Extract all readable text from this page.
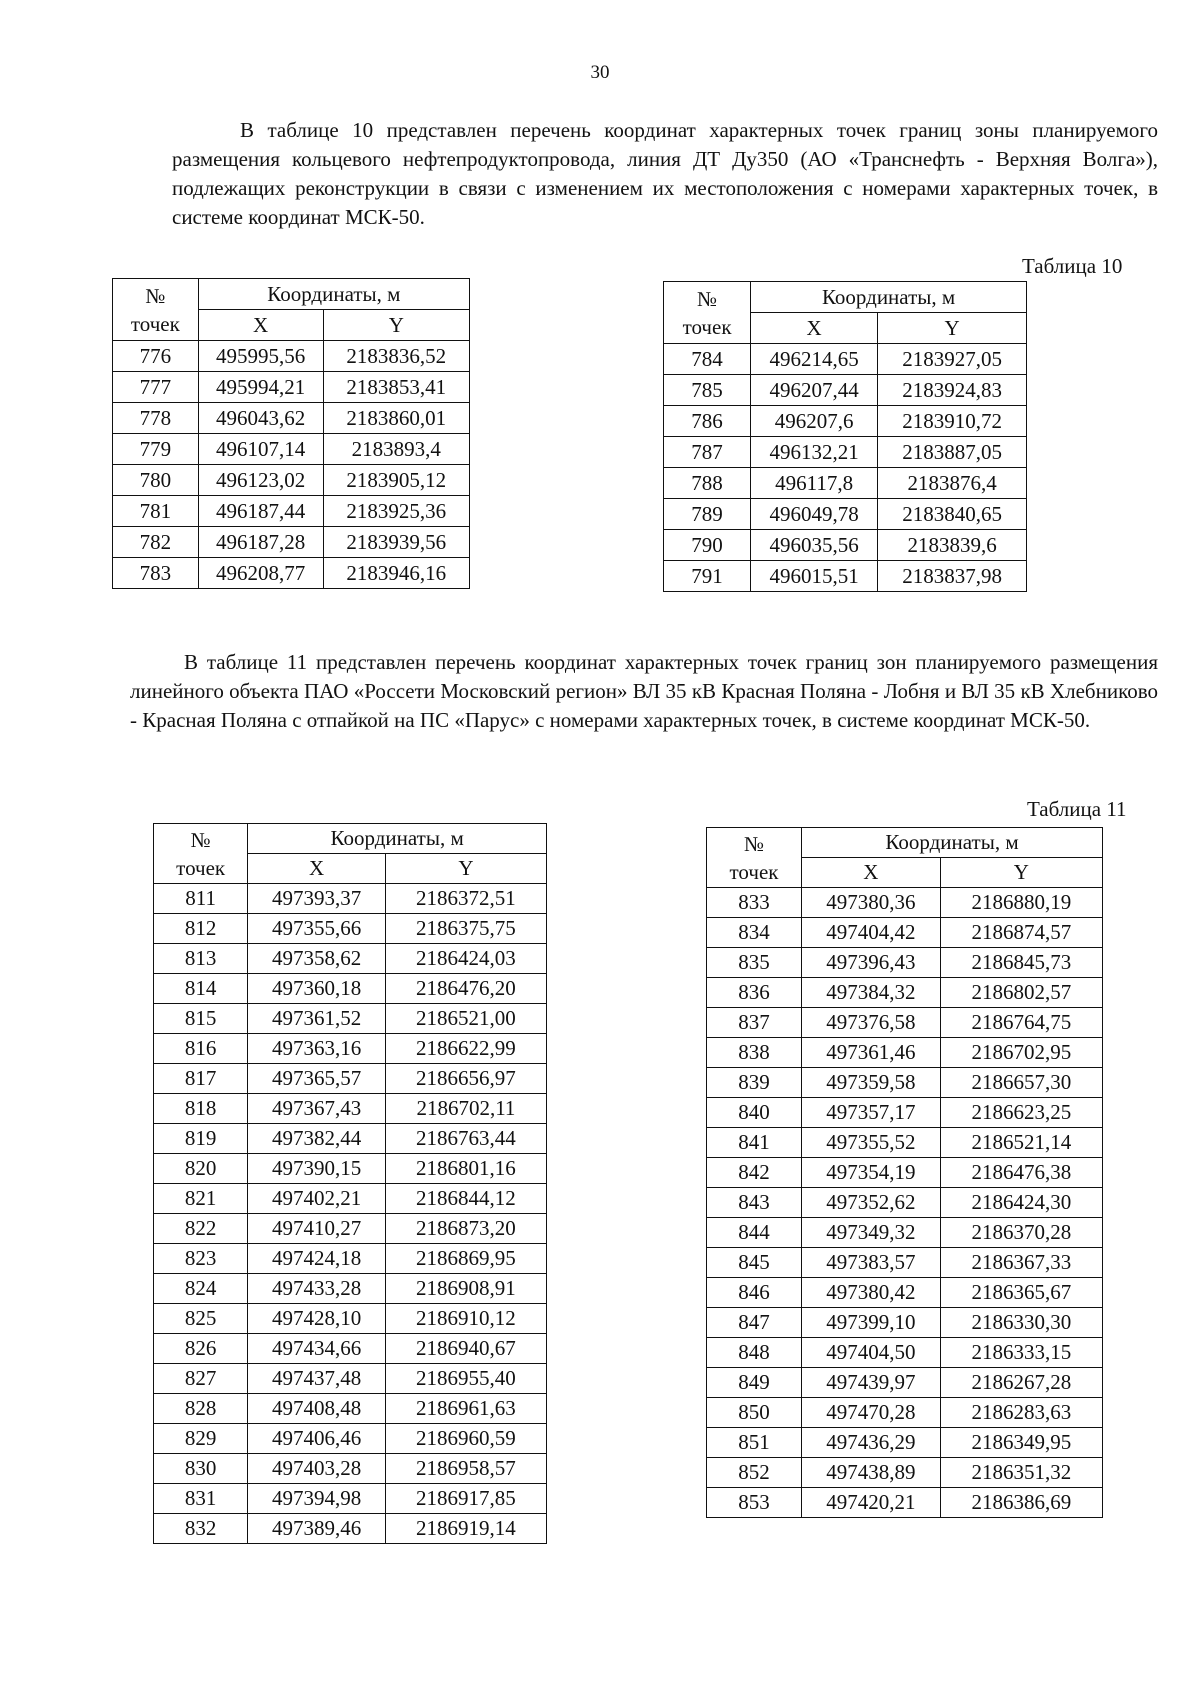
30

В таблице 10 представлен перечень координат характерных точек границ зоны планируемого размещения кольцевого нефтепродуктопровода, линия ДТ Ду350 (АО «Транснефть - Верхняя Волга»), подлежащих реконструкции в связи с изменением их местоположения с номерами характерных точек, в системе координат МСК-50.

Таблица 10
№
точек	Координаты, м	
	X	Y
776	495995,56	2183836,52
777	495994,21	2183853,41
778	496043,62	2183860,01
779	496107,14	2183893,4
780	496123,02	2183905,12
781	496187,44	2183925,36
782	496187,28	2183939,56
783	496208,77	2183946,16
№
точек	Координаты, м	
	X	Y
784	496214,65	2183927,05
785	496207,44	2183924,83
786	496207,6	2183910,72
787	496132,21	2183887,05
788	496117,8	2183876,4
789	496049,78	2183840,65
790	496035,56	2183839,6
791	496015,51	2183837,98

В таблице 11 представлен перечень координат характерных точек границ зон планируемого размещения линейного объекта ПАО «Россети Московский регион» ВЛ 35 кВ Красная Поляна - Лобня и ВЛ 35 кВ Хлебниково - Красная Поляна с отпайкой на ПС «Парус» с номерами характерных точек, в системе координат МСК-50.

Таблица 11
№
точек	Координаты, м	
	X	Y
811	497393,37	2186372,51
812	497355,66	2186375,75
813	497358,62	2186424,03
814	497360,18	2186476,20
815	497361,52	2186521,00
816	497363,16	2186622,99
817	497365,57	2186656,97
818	497367,43	2186702,11
819	497382,44	2186763,44
820	497390,15	2186801,16
821	497402,21	2186844,12
822	497410,27	2186873,20
823	497424,18	2186869,95
824	497433,28	2186908,91
825	497428,10	2186910,12
826	497434,66	2186940,67
827	497437,48	2186955,40
828	497408,48	2186961,63
829	497406,46	2186960,59
830	497403,28	2186958,57
831	497394,98	2186917,85
832	497389,46	2186919,14
№
точек	Координаты, м	
	X	Y
833	497380,36	2186880,19
834	497404,42	2186874,57
835	497396,43	2186845,73
836	497384,32	2186802,57
837	497376,58	2186764,75
838	497361,46	2186702,95
839	497359,58	2186657,30
840	497357,17	2186623,25
841	497355,52	2186521,14
842	497354,19	2186476,38
843	497352,62	2186424,30
844	497349,32	2186370,28
845	497383,57	2186367,33
846	497380,42	2186365,67
847	497399,10	2186330,30
848	497404,50	2186333,15
849	497439,97	2186267,28
850	497470,28	2186283,63
851	497436,29	2186349,95
852	497438,89	2186351,32
853	497420,21	2186386,69
